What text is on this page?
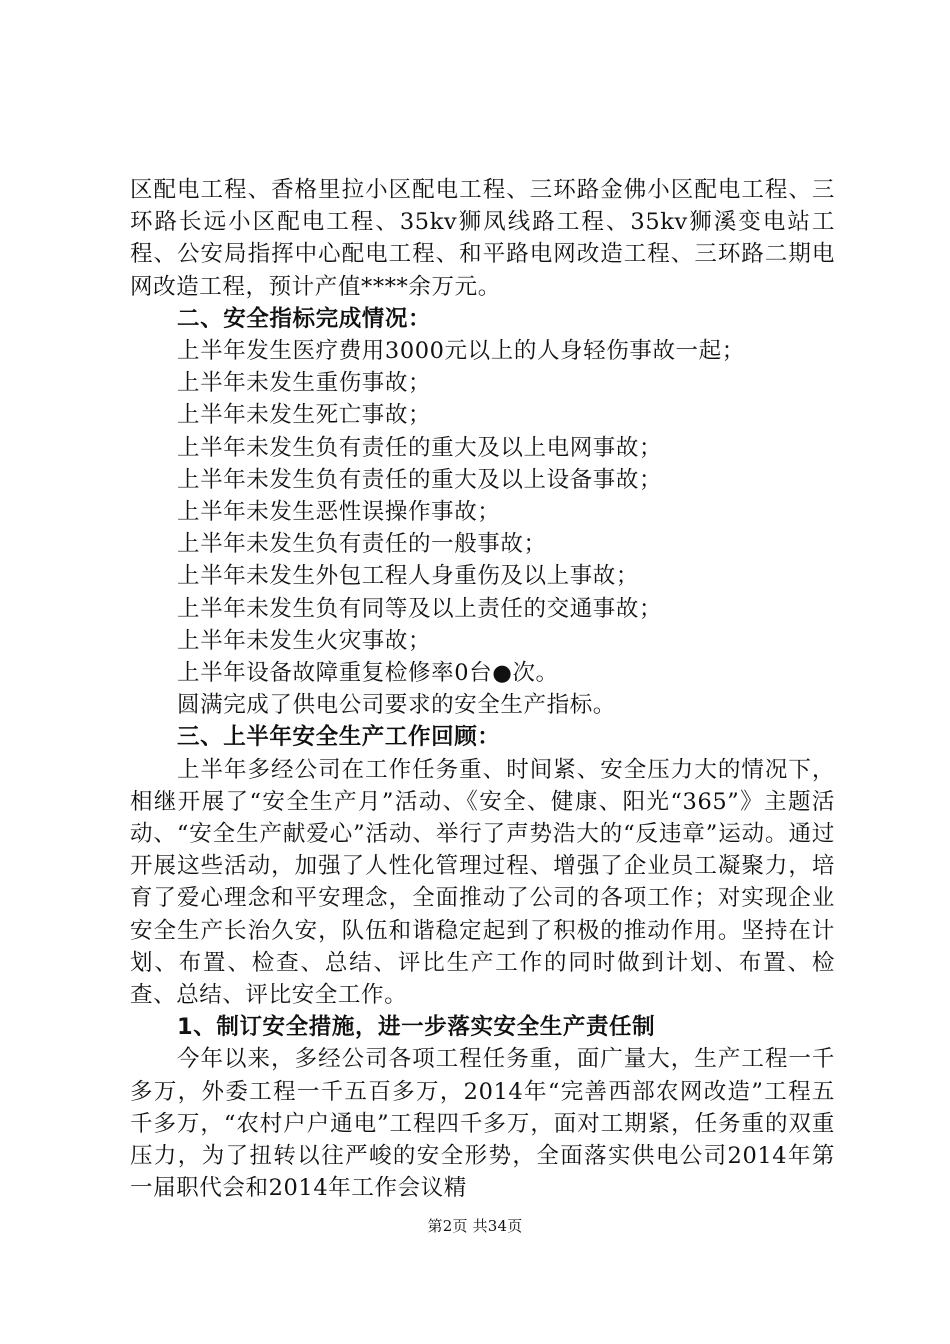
区配电工程、香格里拉小区配电工程、三环路金佛小区配电工程、三环路长远小区配电工程、35kv狮凤线路工程、35kv狮溪变电站工程、公安局指挥中心配电工程、和平路电网改造工程、三环路二期电网改造工程，预计产值****余万元。

二、安全指标完成情况：

上半年发生医疗费用3000元以上的人身轻伤事故一起；

上半年未发生重伤事故；

上半年未发生死亡事故；

上半年未发生负有责任的重大及以上电网事故；

上半年未发生负有责任的重大及以上设备事故；

上半年未发生恶性误操作事故；

上半年未发生负有责任的一般事故；

上半年未发生外包工程人身重伤及以上事故；

上半年未发生负有同等及以上责任的交通事故；

上半年未发生火灾事故；

上半年设备故障重复检修率0台●次。

圆满完成了供电公司要求的安全生产指标。

三、上半年安全生产工作回顾：

上半年多经公司在工作任务重、时间紧、安全压力大的情况下，相继开展了“安全生产月”活动、《安全、健康、阳光“365”》主题活动、“安全生产献爱心”活动、举行了声势浩大的“反违章”运动。通过开展这些活动，加强了人性化管理过程、增强了企业员工凝聚力，培育了爱心理念和平安理念，全面推动了公司的各项工作；对实现企业安全生产长治久安，队伍和谐稳定起到了积极的推动作用。坚持在计划、布置、检查、总结、评比生产工作的同时做到计划、布置、检查、总结、评比安全工作。

1、制订安全措施，进一步落实安全生产责任制

今年以来，多经公司各项工程任务重，面广量大，生产工程一千多万，外委工程一千五百多万，2014年“完善西部农网改造”工程五千多万，“农村户户通电”工程四千多万，面对工期紧，任务重的双重压力，为了扭转以往严峻的安全形势，全面落实供电公司2014年第一届职代会和2014年工作会议精

第2页 共34页
